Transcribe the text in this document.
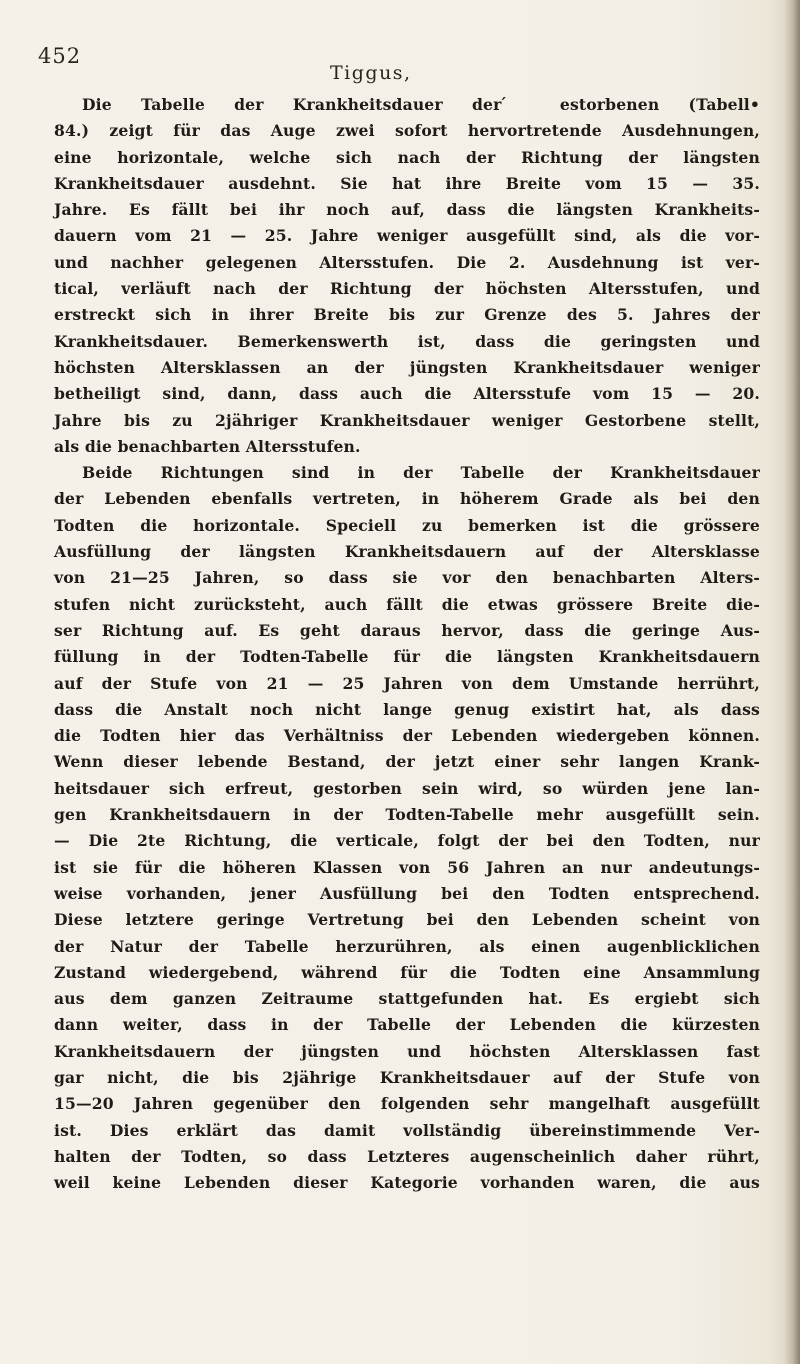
452
Tiggus,
Die Tabelle der Krankheitsdauer der ́ estorbenen (Tabell•
84.) zeigt für das Auge zwei sofort hervortretende Ausdehnungen,
eine horizontale, welche sich nach der Richtung der längsten
Krankheitsdauer ausdehnt. Sie hat ihre Breite vom 15 — 35.
Jahre. Es fällt bei ihr noch auf, dass die längsten Krankheits-
dauern vom 21 — 25. Jahre weniger ausgefüllt sind, als die vor-
und nachher gelegenen Altersstufen. Die 2. Ausdehnung ist ver-
tical, verläuft nach der Richtung der höchsten Altersstufen, und
erstreckt sich in ihrer Breite bis zur Grenze des 5. Jahres der
Krankheitsdauer. Bemerkenswerth ist, dass die geringsten und
höchsten Altersklassen an der jüngsten Krankheitsdauer weniger
betheiligt sind, dann, dass auch die Altersstufe vom 15 — 20.
Jahre bis zu 2jähriger Krankheitsdauer weniger Gestorbene stellt,
als die benachbarten Altersstufen.
Beide Richtungen sind in der Tabelle der Krankheitsdauer
der Lebenden ebenfalls vertreten, in höherem Grade als bei den
Todten die horizontale. Speciell zu bemerken ist die grössere
Ausfüllung der längsten Krankheitsdauern auf der Altersklasse
von 21—25 Jahren, so dass sie vor den benachbarten Alters-
stufen nicht zurücksteht, auch fällt die etwas grössere Breite die-
ser Richtung auf. Es geht daraus hervor, dass die geringe Aus-
füllung in der Todten-Tabelle für die längsten Krankheitsdauern
auf der Stufe von 21 — 25 Jahren von dem Umstande herrührt,
dass die Anstalt noch nicht lange genug existirt hat, als dass
die Todten hier das Verhältniss der Lebenden wiedergeben können.
Wenn dieser lebende Bestand, der jetzt einer sehr langen Krank-
heitsdauer sich erfreut, gestorben sein wird, so würden jene lan-
gen Krankheitsdauern in der Todten-Tabelle mehr ausgefüllt sein.
— Die 2te Richtung, die verticale, folgt der bei den Todten, nur
ist sie für die höheren Klassen von 56 Jahren an nur andeutungs-
weise vorhanden, jener Ausfüllung bei den Todten entsprechend.
Diese letztere geringe Vertretung bei den Lebenden scheint von
der Natur der Tabelle herzurühren, als einen augenblicklichen
Zustand wiedergebend, während für die Todten eine Ansammlung
aus dem ganzen Zeitraume stattgefunden hat. Es ergiebt sich
dann weiter, dass in der Tabelle der Lebenden die kürzesten
Krankheitsdauern der jüngsten und höchsten Altersklassen fast
gar nicht, die bis 2jährige Krankheitsdauer auf der Stufe von
15—20 Jahren gegenüber den folgenden sehr mangelhaft ausgefüllt
ist. Dies erklärt das damit vollständig übereinstimmende Ver-
halten der Todten, so dass Letzteres augenscheinlich daher rührt,
weil keine Lebenden dieser Kategorie vorhanden waren, die aus
